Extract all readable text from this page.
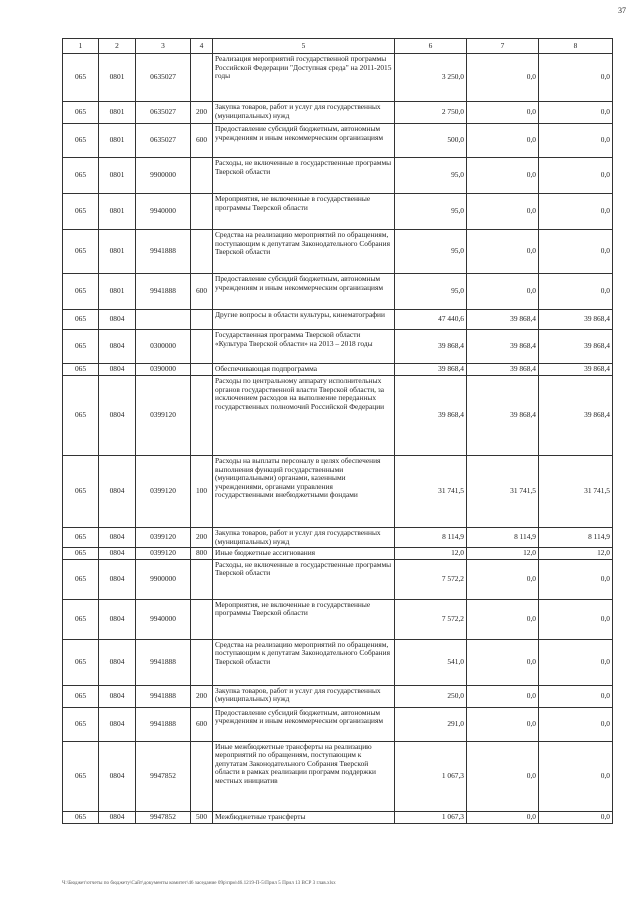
37
1	2	3	4	5	6	7	8
065	0801	0635027		Реализация мероприятий государственной программы Российской Федерации "Доступная среда" на 2011-2015 годы	3 250,0	0,0	0,0
065	0801	0635027	200	Закупка товаров, работ и услуг для государственных (муниципальных) нужд	2 750,0	0,0	0,0
065	0801	0635027	600	Предоставление субсидий бюджетным, автономным учреждениям и иным некоммерческим организациям	500,0	0,0	0,0
065	0801	9900000		Расходы, не включенные в государственные программы Тверской области	95,0	0,0	0,0
065	0801	9940000		Мероприятия, не включенные в государственные программы Тверской области	95,0	0,0	0,0
065	0801	9941888		Средства на реализацию мероприятий по обращениям, поступающим к депутатам Законодательного Собрания Тверской области	95,0	0,0	0,0
065	0801	9941888	600	Предоставление субсидий бюджетным, автономным учреждениям и иным некоммерческим организациям	95,0	0,0	0,0
065	0804			Другие вопросы в области культуры, кинематографии	47 440,6	39 868,4	39 868,4
065	0804	0300000		Государственная программа Тверской области «Культура Тверской области» на 2013 – 2018 годы	39 868,4	39 868,4	39 868,4
065	0804	0390000		Обеспечивающая подпрограмма	39 868,4	39 868,4	39 868,4
065	0804	0399120		Расходы по центральному аппарату исполнительных органов государственной власти Тверской области, за исключением расходов на выполнение переданных государственных полномочий Российской Федерации	39 868,4	39 868,4	39 868,4
065	0804	0399120	100	Расходы на выплаты персоналу в целях обеспечения выполнения функций государственными (муниципальными) органами, казенными учреждениями, органами управления государственными внебюджетными фондами	31 741,5	31 741,5	31 741,5
065	0804	0399120	200	Закупка товаров, работ и услуг для государственных (муниципальных) нужд	8 114,9	8 114,9	8 114,9
065	0804	0399120	800	Иные бюджетные ассигнования	12,0	12,0	12,0
065	0804	9900000		Расходы, не включенные в государственные программы Тверской области	7 572,2	0,0	0,0
065	0804	9940000		Мероприятия, не включенные в государственные программы Тверской области	7 572,2	0,0	0,0
065	0804	9941888		Средства на реализацию мероприятий по обращениям, поступающим к депутатам Законодательного Собрания Тверской области	541,0	0,0	0,0
065	0804	9941888	200	Закупка товаров, работ и услуг для государственных (муниципальных) нужд	250,0	0,0	0,0
065	0804	9941888	600	Предоставление субсидий бюджетным, автономным учреждениям и иным некоммерческим организациям	291,0	0,0	0,0
065	0804	9947852		Иные межбюджетные трансферты на реализацию мероприятий по обращениям, поступающим к депутатам Законодательного Собрания Тверской области в рамках реализации программ поддержки местных инициатив	1 067,3	0,0	0,0
065	0804	9947852	500	Межбюджетные трансферты	1 067,3	0,0	0,0
Ч:\Бюджет\отчеты по бюджету\Сайт\документы комитет\46 заседание 09р\прм\46.1219-П-5\Прил 5 Прил 13 ВСР 3 глав.xlsx
